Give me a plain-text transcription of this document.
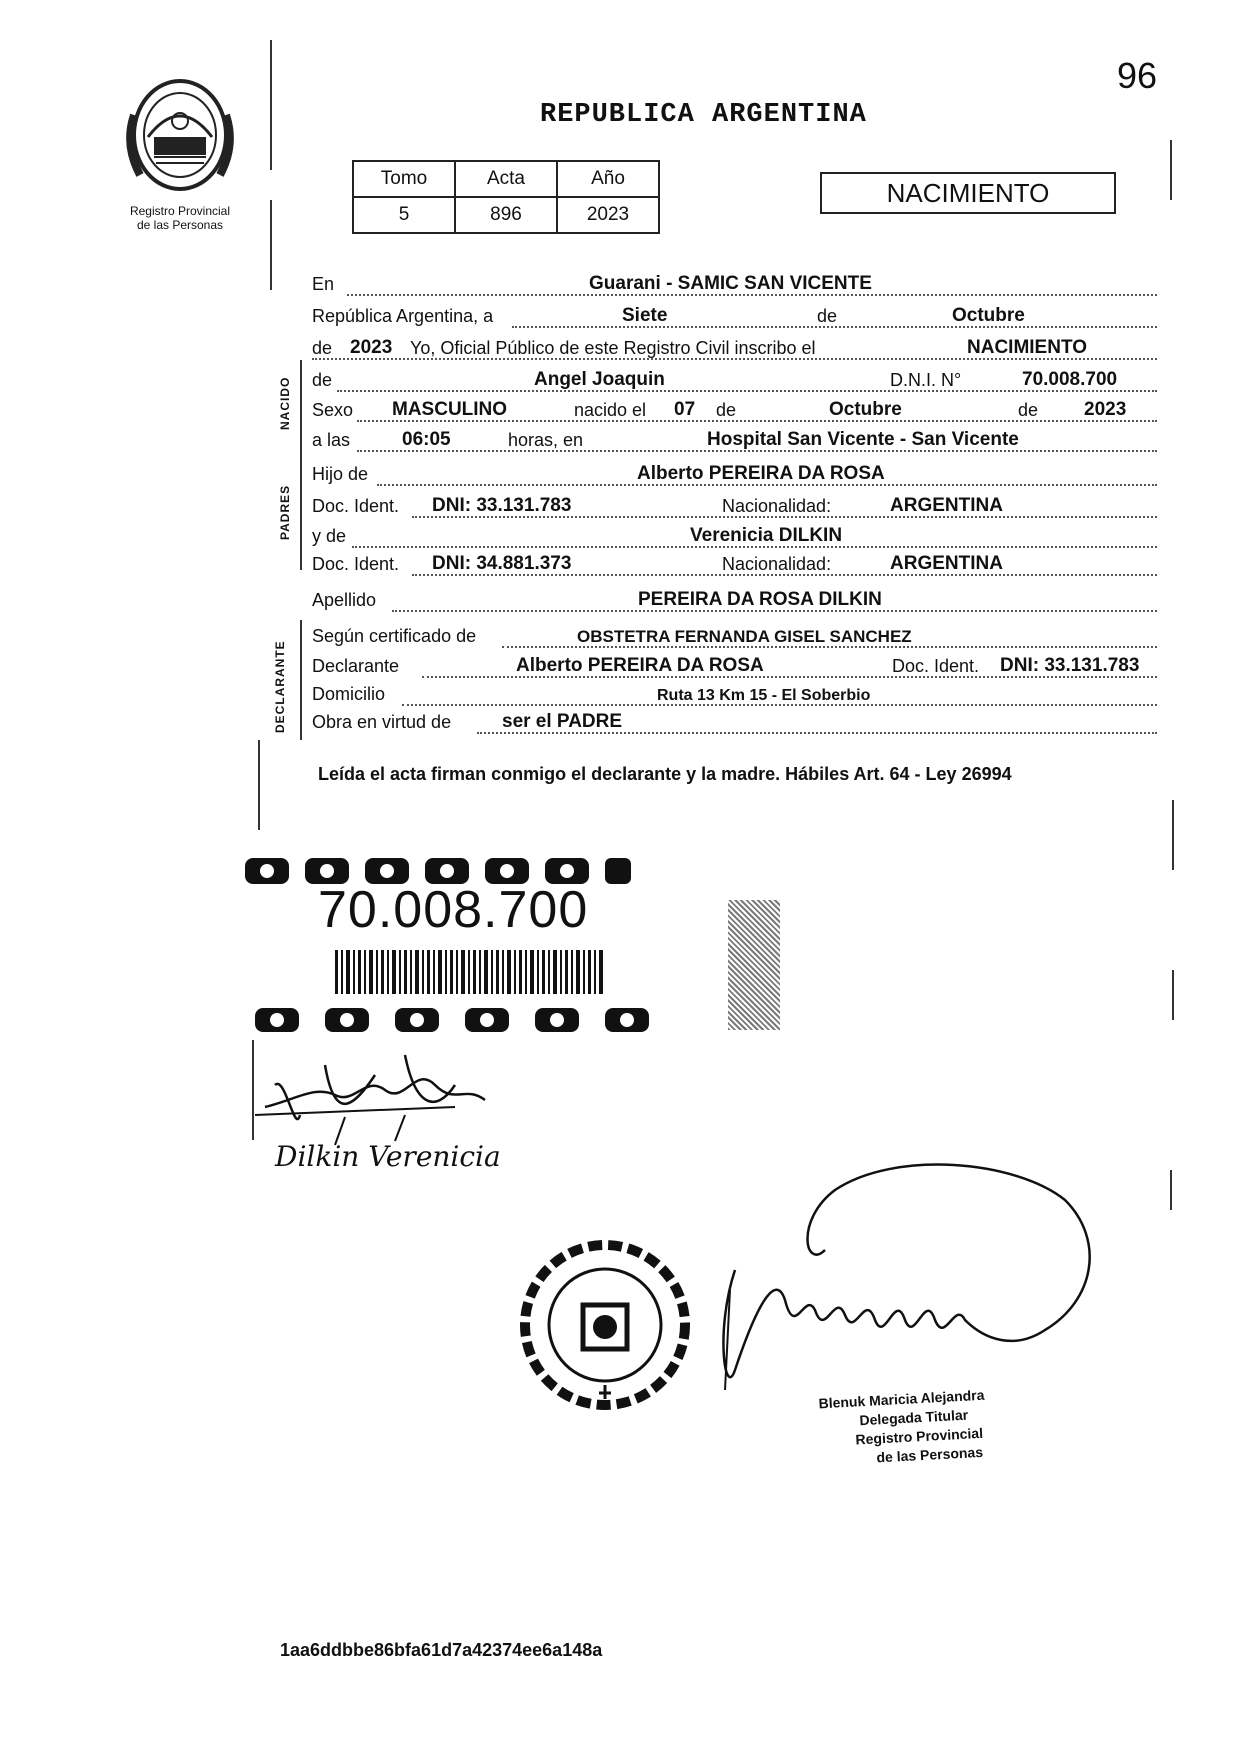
96
REPUBLICA ARGENTINA
Registro Provincial
de las Personas
Tomo	Acta	Año
5	896	2023
NACIMIENTO
NACIDO
PADRES
DECLARANTE
En	Guarani - SAMIC SAN VICENTE
República Argentina, a	Siete	de	Octubre
de 2023 Yo, Oficial Público de este Registro Civil inscribo el	NACIMIENTO
de	Angel Joaquin	D.N.I. N°	70.008.700
Sexo MASCULINO	nacido el 07 de	Octubre	de 2023
a las	06:05	horas, en	Hospital San Vicente - San Vicente
Hijo de	Alberto PEREIRA DA ROSA
Doc. Ident. DNI: 33.131.783	Nacionalidad:	ARGENTINA
y de	Verenicia DILKIN
Doc. Ident. DNI: 34.881.373	Nacionalidad:	ARGENTINA
Apellido	PEREIRA DA ROSA DILKIN
Según certificado de	OBSTETRA FERNANDA GISEL SANCHEZ
Declarante	Alberto PEREIRA DA ROSA	Doc. Ident. DNI: 33.131.783
Domicilio	Ruta 13 Km 15 - El Soberbio
Obra en virtud de	ser el PADRE
Leída el acta firman conmigo el declarante y la madre. Hábiles Art. 64 - Ley 26994
70.008.700
Dilkin Verenicia
Blenuk Maricia Alejandra
Delegada Titular
Registro Provincial
de las Personas
1aa6ddbbe86bfa61d7a42374ee6a148a
